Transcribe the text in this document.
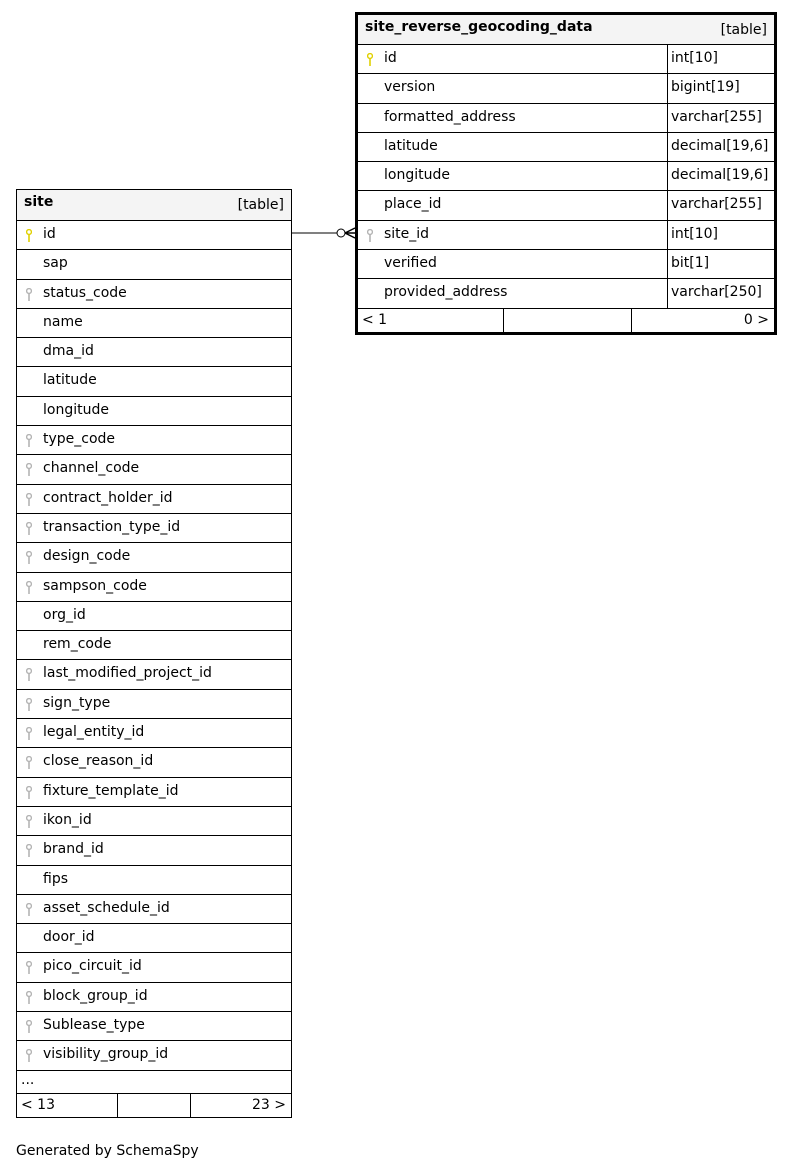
site	[table]
id
sap
status_code
name
dma_id
latitude
longitude
type_code
channel_code
contract_holder_id
transaction_type_id
design_code
sampson_code
org_id
rem_code
last_modified_project_id
sign_type
legal_entity_id
close_reason_id
fixture_template_id
ikon_id
brand_id
fips
asset_schedule_id
door_id
pico_circuit_id
block_group_id
Sublease_type
visibility_group_id
...
< 13	23 >
site_reverse_geocoding_data	[table]
id	int[10]
version	bigint[19]
formatted_address	varchar[255]
latitude	decimal[19,6]
longitude	decimal[19,6]
place_id	varchar[255]
site_id	int[10]
verified	bit[1]
provided_address	varchar[250]
< 1	0 >
Generated by SchemaSpy
